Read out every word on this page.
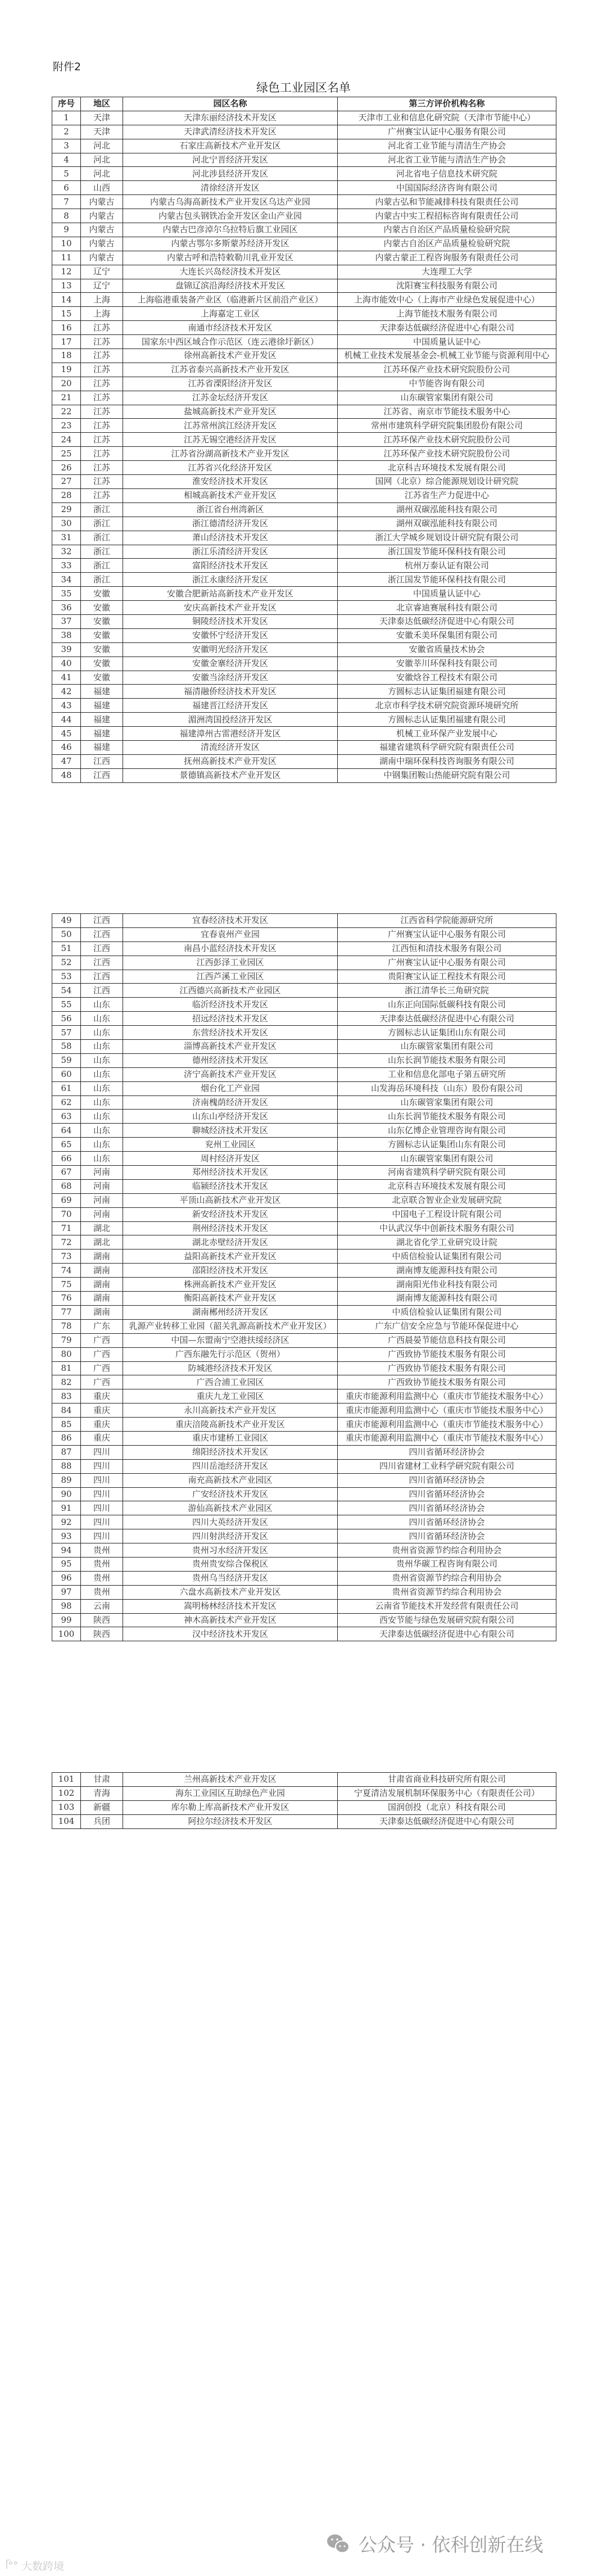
附件2
绿色工业园区名单
序号	地区	园区名称	第三方评价机构名称
1	天津	天津东丽经济技术开发区	天津市工业和信息化研究院（天津市节能中心）
2	天津	天津武清经济技术开发区	广州赛宝认证中心服务有限公司
3	河北	石家庄高新技术产业开发区	河北省工业节能与清洁生产协会
4	河北	河北宁晋经济开发区	河北省工业节能与清洁生产协会
5	河北	河北涉县经济开发区	河北省电子信息技术研究院
6	山西	清徐经济开发区	中国国际经济咨询有限公司
7	内蒙古	内蒙古乌海高新技术产业开发区乌达产业园	内蒙古弘和节能减排科技有限责任公司
8	内蒙古	内蒙古包头钢铁冶金开发区金山产业园	内蒙古中实工程招标咨询有限责任公司
9	内蒙古	内蒙古巴彦淖尔乌拉特后旗工业园区	内蒙古自治区产品质量检验研究院
10	内蒙古	内蒙古鄂尔多斯蒙苏经济开发区	内蒙古自治区产品质量检验研究院
11	内蒙古	内蒙古呼和浩特敕勒川乳业开发区	内蒙古蒙正工程咨询服务有限责任公司
12	辽宁	大连长兴岛经济技术开发区	大连理工大学
13	辽宁	盘锦辽滨沿海经济技术开发区	沈阳赛宝科技服务有限公司
14	上海	上海临港重装备产业区（临港新片区前沿产业区）	上海市能效中心（上海市产业绿色发展促进中心）
15	上海	上海嘉定工业区	上海节能技术服务有限公司
16	江苏	南通市经济技术开发区	天津泰达低碳经济促进中心有限公司
17	江苏	国家东中西区域合作示范区（连云港徐圩新区）	中国质量认证中心
18	江苏	徐州高新技术产业开发区	机械工业技术发展基金会-机械工业节能与资源利用中心
19	江苏	江苏省泰兴高新技术产业开发区	江苏环保产业技术研究院股份公司
20	江苏	江苏省溧阳经济开发区	中节能咨询有限公司
21	江苏	江苏金坛经济开发区	山东碳管家集团有限公司
22	江苏	盐城高新技术产业开发区	江苏省、南京市节能技术服务中心
23	江苏	江苏常州滨江经济开发区	常州市建筑科学研究院集团股份有限公司
24	江苏	江苏无锡空港经济开发区	江苏环保产业技术研究院股份公司
25	江苏	江苏省汾湖高新技术产业开发区	江苏环保产业技术研究院股份公司
26	江苏	江苏省兴化经济开发区	北京科吉环境技术发展有限公司
27	江苏	淮安经济技术开发区	国网（北京）综合能源规划设计研究院
28	江苏	相城高新技术产业开发区	江苏省生产力促进中心
29	浙江	浙江省台州湾新区	湖州双碳泓能科技有限公司
30	浙江	浙江德清经济开发区	湖州双碳泓能科技有限公司
31	浙江	萧山经济技术开发区	浙江大学城乡规划设计研究院有限公司
32	浙江	浙江乐清经济开发区	浙江国发节能环保科技有限公司
33	浙江	富阳经济技术开发区	杭州万泰认证有限公司
34	浙江	浙江永康经济开发区	浙江国发节能环保科技有限公司
35	安徽	安徽合肥新站高新技术产业开发区	中国质量认证中心
36	安徽	安庆高新技术产业开发区	北京睿迪赛展科技有限公司
37	安徽	铜陵经济技术开发区	天津泰达低碳经济促进中心有限公司
38	安徽	安徽怀宁经济开发区	安徽禾美环保集团有限公司
39	安徽	安徽明光经济开发区	安徽省质量技术协会
40	安徽	安徽金寨经济开发区	安徽莘川环保科技有限公司
41	安徽	安徽当涂经济开发区	安徽焓谷工程技术有限公司
42	福建	福清融侨经济技术开发区	方圆标志认证集团福建有限公司
43	福建	福建晋江经济开发区	北京市科学技术研究院资源环境研究所
44	福建	湄洲湾国投经济开发区	方圆标志认证集团福建有限公司
45	福建	福建漳州古雷港经济开发区	机械工业环保产业发展中心
46	福建	清流经济开发区	福建省建筑科学研究院有限责任公司
47	江西	抚州高新技术产业开发区	湖南中瑞环保科技咨询服务有限公司
48	江西	景德镇高新技术产业开发区	中钢集团鞍山热能研究院有限公司
49	江西	宜春经济技术开发区	江西省科学院能源研究所
50	江西	宜春袁州产业园	广州赛宝认证中心服务有限公司
51	江西	南昌小蓝经济技术开发区	江西恒和清技术服务有限公司
52	江西	江西彭泽工业园区	广州赛宝认证中心服务有限公司
53	江西	江西芦溪工业园区	贵阳赛宝认证工程技术有限公司
54	江西	江西德兴高新技术产业园区	浙江清华长三角研究院
55	山东	临沂经济技术开发区	山东正向国际低碳科技有限公司
56	山东	招远经济技术开发区	天津泰达低碳经济促进中心有限公司
57	山东	东营经济技术开发区	方圆标志认证集团山东有限公司
58	山东	淄博高新技术产业开发区	山东碳管家集团有限公司
59	山东	德州经济技术开发区	山东长润节能技术服务有限公司
60	山东	济宁高新技术产业开发区	工业和信息化部电子第五研究所
61	山东	烟台化工产业园	山发海岳环境科技（山东）股份有限公司
62	山东	济南槐荫经济开发区	山东碳管家集团有限公司
63	山东	山东山亭经济开发区	山东长润节能技术服务有限公司
64	山东	聊城经济技术开发区	山东亿博企业管理咨询有限公司
65	山东	兖州工业园区	方圆标志认证集团山东有限公司
66	山东	周村经济开发区	山东碳管家集团有限公司
67	河南	郑州经济技术开发区	河南省建筑科学研究院有限公司
68	河南	临颍经济技术开发区	北京科吉环境技术发展有限公司
69	河南	平顶山高新技术产业开发区	北京联合智业企业发展研究院
70	河南	新安经济技术开发区	中国电子工程设计院有限公司
71	湖北	荆州经济技术开发区	中认武汉华中创新技术服务有限公司
72	湖北	湖北赤壁经济开发区	湖北省化学工业研究设计院
73	湖南	益阳高新技术产业开发区	中质信检验认证集团有限公司
74	湖南	邵阳经济技术开发区	湖南博友能源科技有限公司
75	湖南	株洲高新技术产业开发区	湖南阳光伟业科技有限公司
76	湖南	衡阳高新技术产业开发区	湖南博友能源科技有限公司
77	湖南	湖南郴州经济开发区	中质信检验认证集团有限公司
78	广东	乳源产业转移工业园（韶关乳源高新技术产业开发区）	广东广信安全应急与节能环保促进中心
79	广西	中国—东盟南宁空港扶绥经济区	广西晨晏节能信息科技有限公司
80	广西	广西东融先行示范区（贺州）	广西致协节能技术服务有限公司
81	广西	防城港经济技术开发区	广西致协节能技术服务有限公司
82	广西	广西合浦工业园区	广西致协节能技术服务有限公司
83	重庆	重庆九龙工业园区	重庆市能源利用监测中心（重庆市节能技术服务中心）
84	重庆	永川高新技术产业开发区	重庆市能源利用监测中心（重庆市节能技术服务中心）
85	重庆	重庆涪陵高新技术产业开发区	重庆市能源利用监测中心（重庆市节能技术服务中心）
86	重庆	重庆市建桥工业园区	重庆市能源利用监测中心（重庆市节能技术服务中心）
87	四川	绵阳经济技术开发区	四川省循环经济协会
88	四川	四川岳池经济开发区	四川省建材工业科学研究院有限公司
89	四川	南充高新技术产业园区	四川省循环经济协会
90	四川	广安经济技术开发区	四川省循环经济协会
91	四川	游仙高新技术产业园区	四川省循环经济协会
92	四川	四川大英经济开发区	四川省循环经济协会
93	四川	四川射洪经济开发区	四川省循环经济协会
94	贵州	贵州习水经济开发区	贵州省资源节约综合利用协会
95	贵州	贵州贵安综合保税区	贵州华碳工程咨询有限公司
96	贵州	贵州乌当经济开发区	贵州省资源节约综合利用协会
97	贵州	六盘水高新技术产业开发区	贵州省资源节约综合利用协会
98	云南	嵩明杨林经济技术开发区	云南省节能技术开发经营有限责任公司
99	陕西	神木高新技术产业开发区	西安节能与绿色发展研究院有限公司
100	陕西	汉中经济技术开发区	天津泰达低碳经济促进中心有限公司
101	甘肃	兰州高新技术产业开发区	甘肃省商业科技研究所有限公司
102	青海	海东工业园区互助绿色产业园	宁夏清洁发展机制环保服务中心（有限责任公司）
103	新疆	库尔勒上库高新技术产业开发区	国润创投（北京）科技有限公司
104	兵团	阿拉尔经济技术开发区	天津泰达低碳经济促进中心有限公司
公众号 · 依科创新在线
ᥬ°° 大数跨境
